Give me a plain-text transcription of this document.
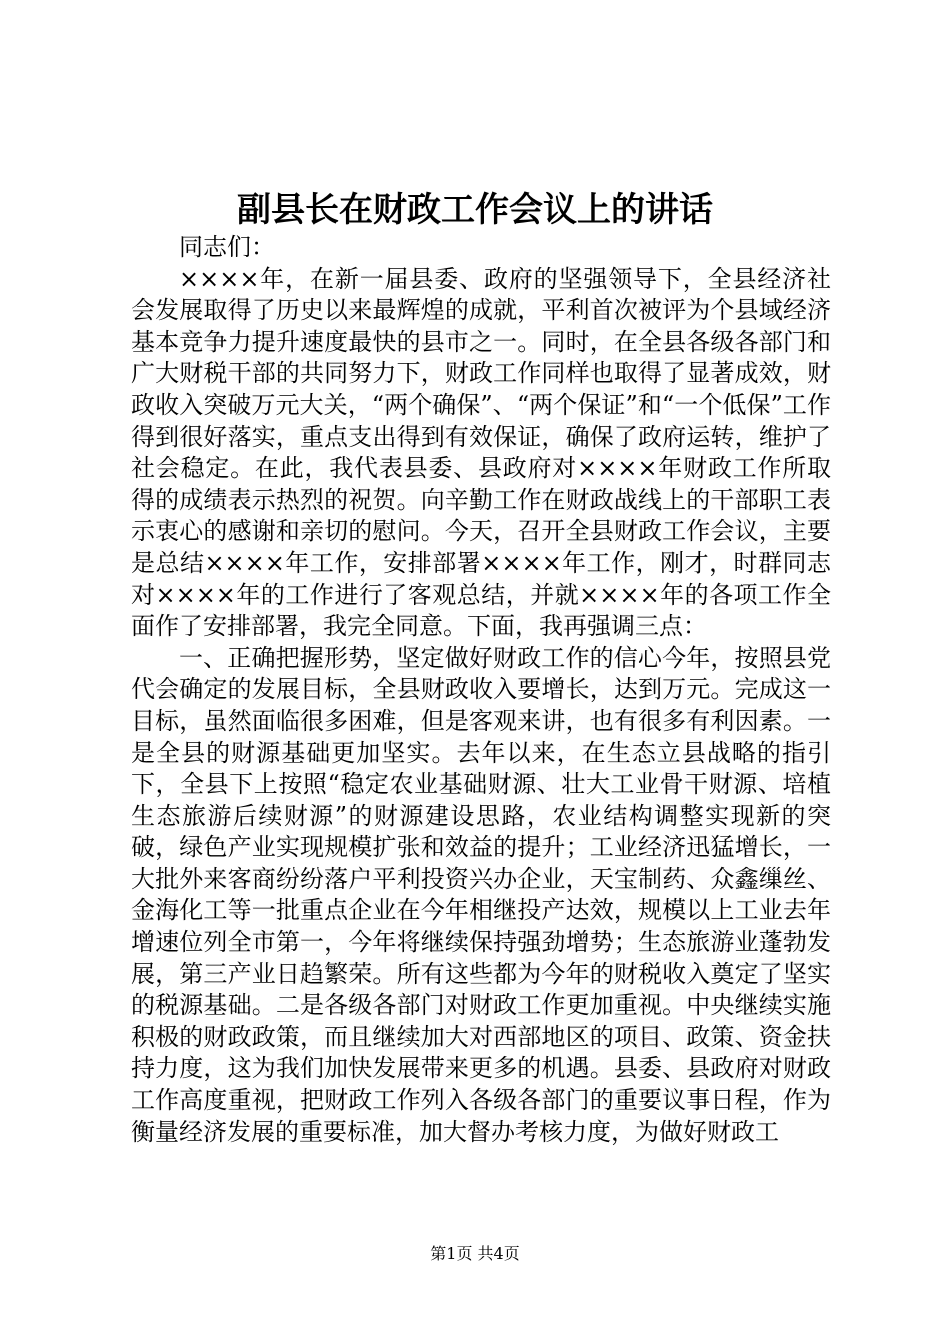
副县长在财政工作会议上的讲话

同志们：

××××年，在新一届县委、政府的坚强领导下，全县经济社会发展取得了历史以来最辉煌的成就，平利首次被评为个县域经济基本竞争力提升速度最快的县市之一。同时，在全县各级各部门和广大财税干部的共同努力下，财政工作同样也取得了显著成效，财政收入突破万元大关，“两个确保”、“两个保证”和“一个低保”工作得到很好落实，重点支出得到有效保证，确保了政府运转，维护了社会稳定。在此，我代表县委、县政府对××××年财政工作所取得的成绩表示热烈的祝贺。向辛勤工作在财政战线上的干部职工表示衷心的感谢和亲切的慰问。今天，召开全县财政工作会议，主要是总结××××年工作，安排部署××××年工作，刚才，时群同志对××××年的工作进行了客观总结，并就××××年的各项工作全面作了安排部署，我完全同意。下面，我再强调三点：

一、正确把握形势，坚定做好财政工作的信心今年，按照县党代会确定的发展目标，全县财政收入要增长，达到万元。完成这一目标，虽然面临很多困难，但是客观来讲，也有很多有利因素。一是全县的财源基础更加坚实。去年以来，在生态立县战略的指引下，全县下上按照“稳定农业基础财源、壮大工业骨干财源、培植生态旅游后续财源”的财源建设思路，农业结构调整实现新的突破，绿色产业实现规模扩张和效益的提升；工业经济迅猛增长，一大批外来客商纷纷落户平利投资兴办企业，天宝制药、众鑫缫丝、金海化工等一批重点企业在今年相继投产达效，规模以上工业去年增速位列全市第一，今年将继续保持强劲增势；生态旅游业蓬勃发展，第三产业日趋繁荣。所有这些都为今年的财税收入奠定了坚实的税源基础。二是各级各部门对财政工作更加重视。中央继续实施积极的财政政策，而且继续加大对西部地区的项目、政策、资金扶持力度，这为我们加快发展带来更多的机遇。县委、县政府对财政工作高度重视，把财政工作列入各级各部门的重要议事日程，作为衡量经济发展的重要标准，加大督办考核力度，为做好财政工

第1页 共4页
